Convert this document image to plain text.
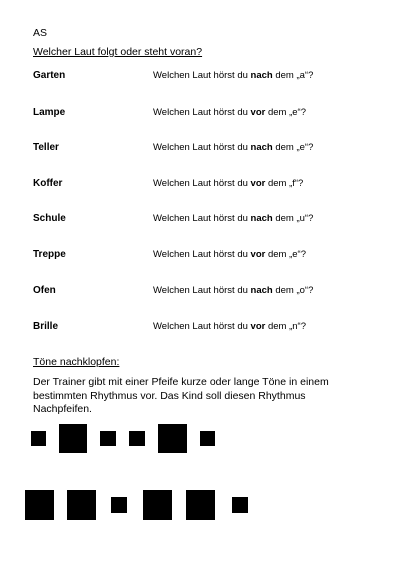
AS
Welcher Laut folgt oder steht voran?
Garten	Welchen Laut hörst du nach dem „a“?
Lampe	Welchen Laut hörst du vor dem „e“?
Teller	Welchen Laut hörst du nach dem „e“?
Koffer	Welchen Laut hörst du vor dem „f“?
Schule	Welchen Laut hörst du nach dem „u“?
Treppe	Welchen Laut hörst du vor dem „e“?
Ofen	Welchen Laut hörst du nach dem „o“?
Brille	Welchen Laut hörst du vor dem „n“?
Töne nachklopfen:
Der Trainer gibt mit einer Pfeife kurze oder lange Töne in einem bestimmten Rhythmus vor. Das Kind soll diesen Rhythmus Nachpfeifen.
